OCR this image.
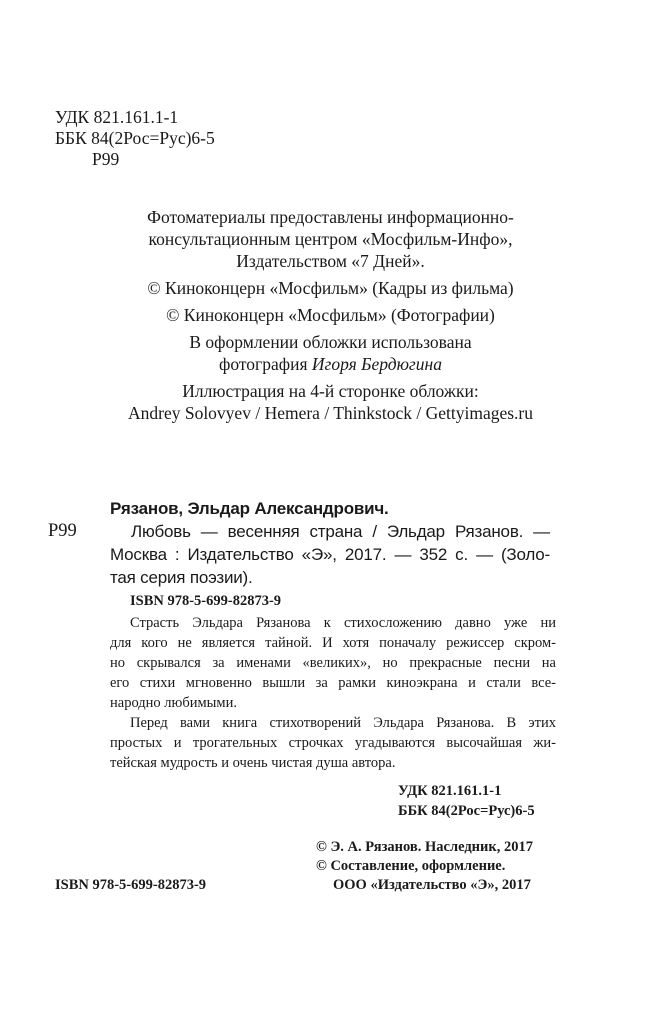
УДК 821.161.1-1
ББК 84(2Рос=Рус)6-5
Р99
Фотоматериалы предоставлены информационно-
консультационным центром «Мосфильм-Инфо»,
Издательством «7 Дней».
© Киноконцерн «Мосфильм» (Кадры из фильма)
© Киноконцерн «Мосфильм» (Фотографии)
В оформлении обложки использована
фотография Игоря Бердюгина
Иллюстрация на 4-й сторонке обложки:
Andrey Solovyev / Hemera / Thinkstock / Gettyimages.ru
Рязанов, Эльдар Александрович.
Р99	Любовь — весенняя страна / Эльдар Рязанов. —
Москва : Издательство «Э», 2017. — 352 с. — (Золо-
тая серия поэзии).
ISBN 978-5-699-82873-9
Страсть Эльдара Рязанова к стихосложению давно уже ни
для кого не является тайной. И хотя поначалу режиссер скром-
но скрывался за именами «великих», но прекрасные песни на
его стихи мгновенно вышли за рамки киноэкрана и стали все-
народно любимыми.
Перед вами книга стихотворений Эльдара Рязанова. В этих
простых и трогательных строчках угадываются высочайшая жи-
тейская мудрость и очень чистая душа автора.
УДК 821.161.1-1
ББК 84(2Рос=Рус)6-5
© Э. А. Рязанов. Наследник, 2017
© Составление, оформление.
ISBN 978-5-699-82873-9	ООО «Издательство «Э», 2017
